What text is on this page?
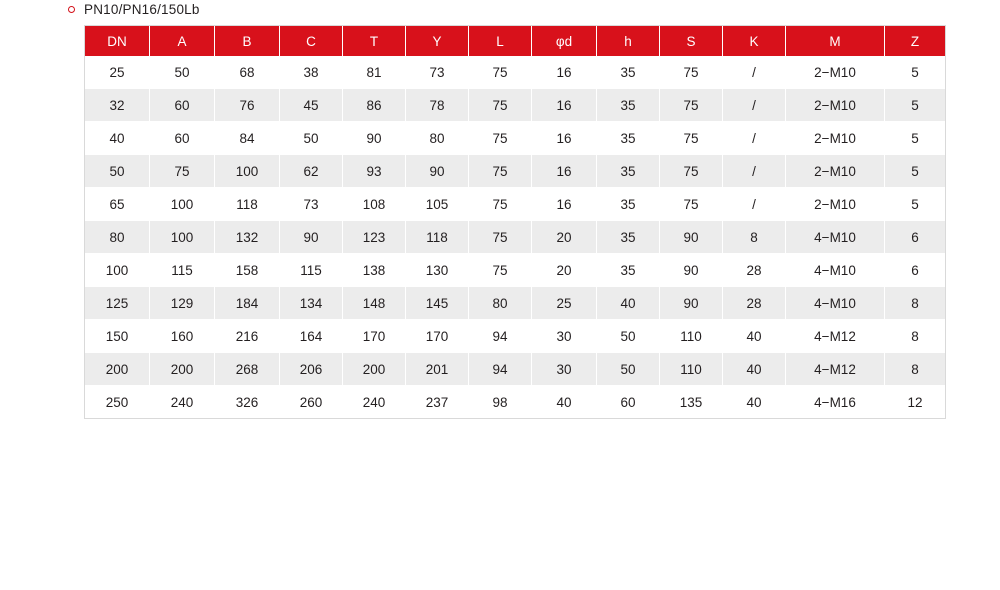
PN10/PN16/150Lb
DN	A	B	C	T	Y	L	φd	h	S	K	M	Z
25	50	68	38	81	73	75	16	35	75	/	2−M10	5
32	60	76	45	86	78	75	16	35	75	/	2−M10	5
40	60	84	50	90	80	75	16	35	75	/	2−M10	5
50	75	100	62	93	90	75	16	35	75	/	2−M10	5
65	100	118	73	108	105	75	16	35	75	/	2−M10	5
80	100	132	90	123	118	75	20	35	90	8	4−M10	6
100	115	158	115	138	130	75	20	35	90	28	4−M10	6
125	129	184	134	148	145	80	25	40	90	28	4−M10	8
150	160	216	164	170	170	94	30	50	110	40	4−M12	8
200	200	268	206	200	201	94	30	50	110	40	4−M12	8
250	240	326	260	240	237	98	40	60	135	40	4−M16	12
